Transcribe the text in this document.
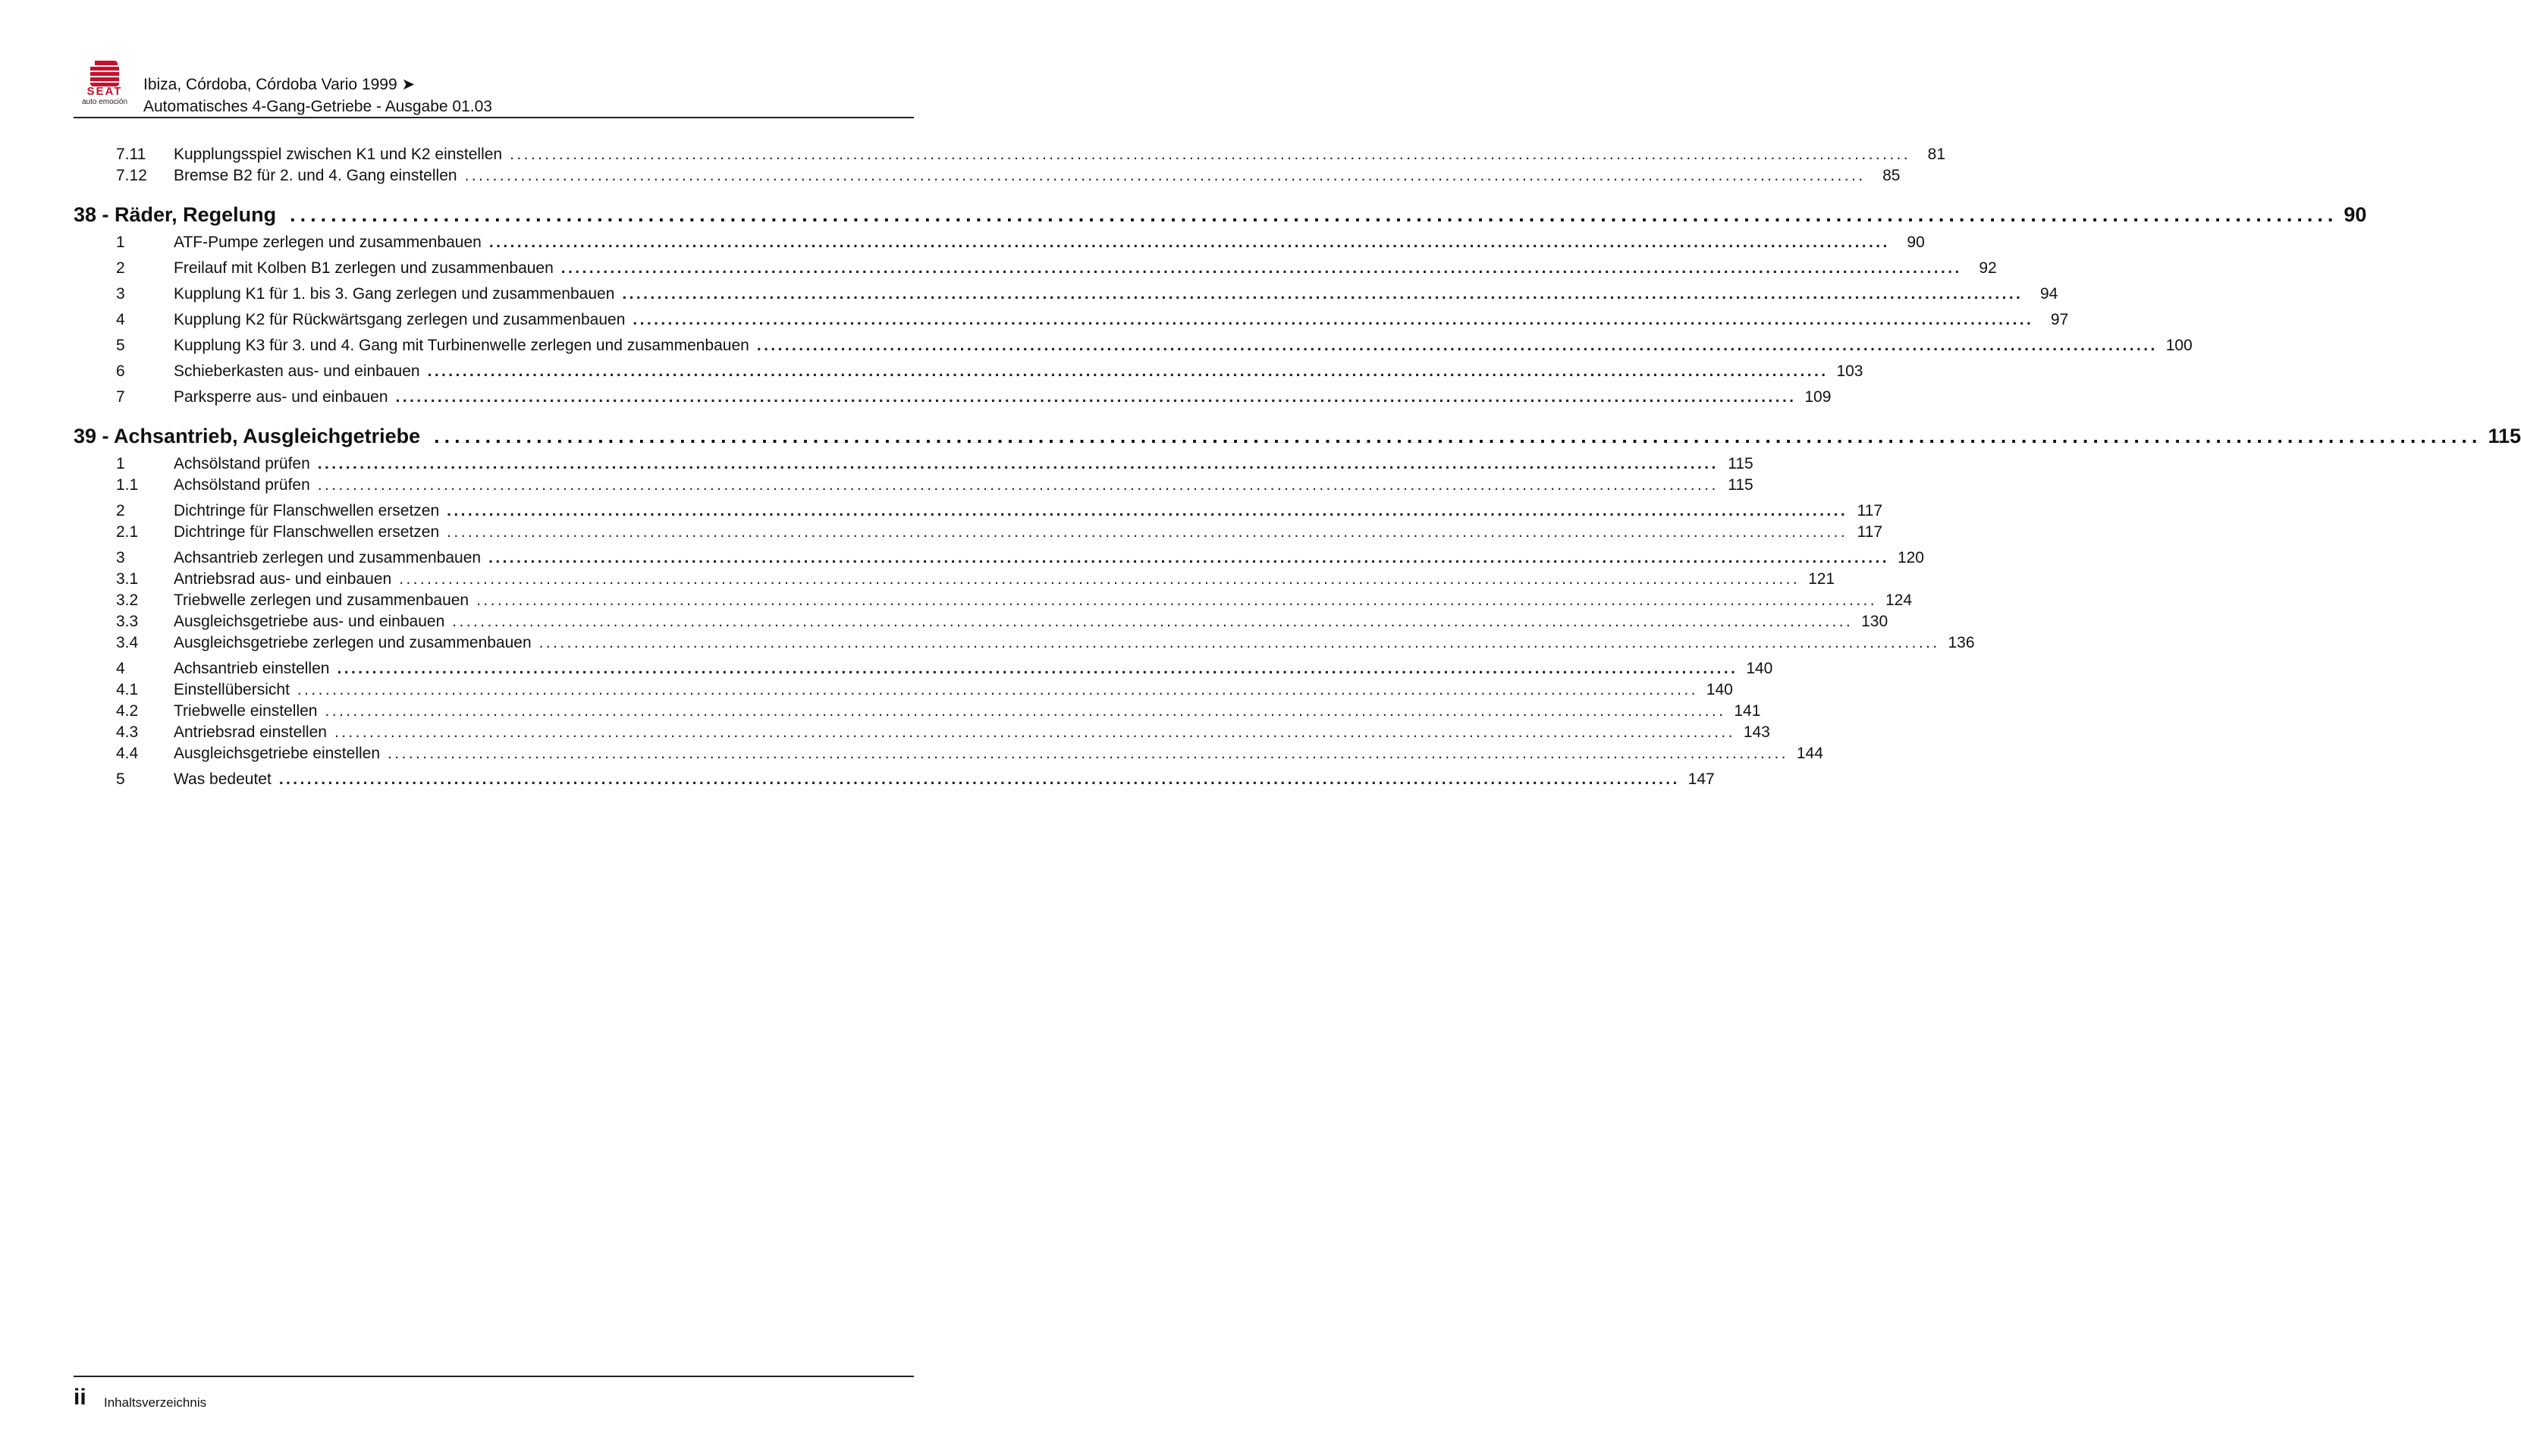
SEAT
auto emoción
Ibiza, Córdoba, Córdoba Vario 1999 ➤
Automatisches 4-Gang-Getriebe - Ausgabe 01.03
7.11	Kupplungsspiel zwischen K1 und K2 einstellen ........................................................................................................................................................................................................	81
7.12	Bremse B2 für 2. und 4. Gang einstellen ........................................................................................................................................................................................................	85
38 - Räder, Regelung ........................................................................................................................................................................................................ 90
1	ATF-Pumpe zerlegen und zusammenbauen ........................................................................................................................................................................................................	90
2	Freilauf mit Kolben B1 zerlegen und zusammenbauen ........................................................................................................................................................................................................	92
3	Kupplung K1 für 1. bis 3. Gang zerlegen und zusammenbauen ........................................................................................................................................................................................................	94
4	Kupplung K2 für Rückwärtsgang zerlegen und zusammenbauen ........................................................................................................................................................................................................	97
5	Kupplung K3 für 3. und 4. Gang mit Turbinenwelle zerlegen und zusammenbauen ........................................................................................................................................................................................................ 100
6	Schieberkasten aus- und einbauen ........................................................................................................................................................................................................ 103
7	Parksperre aus- und einbauen ........................................................................................................................................................................................................ 109
39 - Achsantrieb, Ausgleichgetriebe ........................................................................................................................................................................................................ 115
1	Achsölstand prüfen ........................................................................................................................................................................................................ 115
1.1	Achsölstand prüfen ........................................................................................................................................................................................................ 115
2	Dichtringe für Flanschwellen ersetzen ........................................................................................................................................................................................................ 117
2.1	Dichtringe für Flanschwellen ersetzen ........................................................................................................................................................................................................ 117
3	Achsantrieb zerlegen und zusammenbauen ........................................................................................................................................................................................................ 120
3.1	Antriebsrad aus- und einbauen ........................................................................................................................................................................................................ 121
3.2	Triebwelle zerlegen und zusammenbauen ........................................................................................................................................................................................................ 124
3.3	Ausgleichsgetriebe aus- und einbauen ........................................................................................................................................................................................................ 130
3.4	Ausgleichsgetriebe zerlegen und zusammenbauen ........................................................................................................................................................................................................ 136
4	Achsantrieb einstellen ........................................................................................................................................................................................................ 140
4.1	Einstellübersicht ........................................................................................................................................................................................................ 140
4.2	Triebwelle einstellen ........................................................................................................................................................................................................ 141
4.3	Antriebsrad einstellen ........................................................................................................................................................................................................ 143
4.4	Ausgleichsgetriebe einstellen ........................................................................................................................................................................................................ 144
5	Was bedeutet ........................................................................................................................................................................................................ 147
ii Inhaltsverzeichnis
